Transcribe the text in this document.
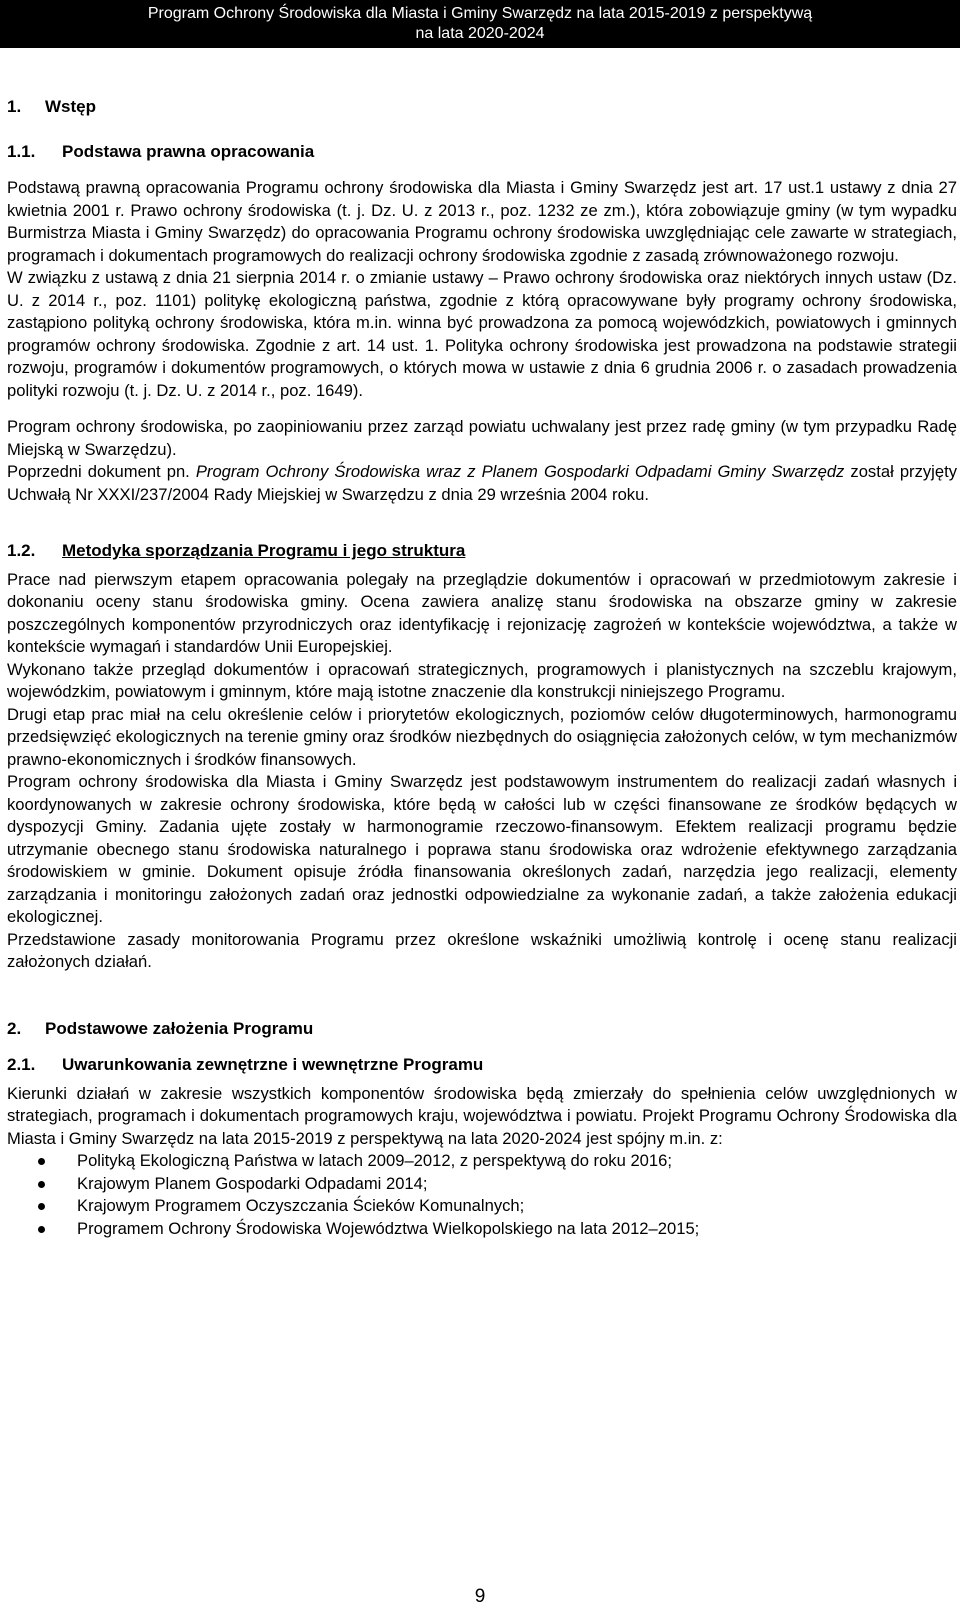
Program Ochrony Środowiska dla Miasta i Gminy Swarzędz na lata 2015-2019 z perspektywą
na lata 2020-2024
1. Wstęp
1.1. Podstawa prawna opracowania

Podstawą prawną opracowania Programu ochrony środowiska dla Miasta i Gminy Swarzędz jest art. 17 ust.1 ustawy z dnia 27 kwietnia 2001 r. Prawo ochrony środowiska (t. j. Dz. U. z 2013 r., poz. 1232 ze zm.), która zobowiązuje gminy (w tym wypadku Burmistrza Miasta i Gminy Swarzędz) do opracowania Programu ochrony środowiska uwzględniając cele zawarte w strategiach, programach i dokumentach programowych do realizacji ochrony środowiska zgodnie z zasadą zrównoważonego rozwoju.

W związku z ustawą z dnia 21 sierpnia 2014 r. o zmianie ustawy – Prawo ochrony środowiska oraz niektórych innych ustaw (Dz. U. z 2014 r., poz. 1101) politykę ekologiczną państwa, zgodnie z którą opracowywane były programy ochrony środowiska, zastąpiono polityką ochrony środowiska, która m.in. winna być prowadzona za pomocą wojewódzkich, powiatowych i gminnych programów ochrony środowiska. Zgodnie z art. 14 ust. 1. Polityka ochrony środowiska jest prowadzona na podstawie strategii rozwoju, programów i dokumentów programowych, o których mowa w ustawie z dnia 6 grudnia 2006 r. o zasadach prowadzenia polityki rozwoju (t. j. Dz. U. z 2014 r., poz. 1649).

Program ochrony środowiska, po zaopiniowaniu przez zarząd powiatu uchwalany jest przez radę gminy (w tym przypadku Radę Miejską w Swarzędzu).

Poprzedni dokument pn. Program Ochrony Środowiska wraz z Planem Gospodarki Odpadami Gminy Swarzędz został przyjęty Uchwałą Nr XXXI/237/2004 Rady Miejskiej w Swarzędzu z dnia 29 września 2004 roku.

1.2. Metodyka sporządzania Programu i jego struktura

Prace nad pierwszym etapem opracowania polegały na przeglądzie dokumentów i opracowań w przedmiotowym zakresie i dokonaniu oceny stanu środowiska gminy. Ocena zawiera analizę stanu środowiska na obszarze gminy w zakresie poszczególnych komponentów przyrodniczych oraz identyfikację i rejonizację zagrożeń w kontekście województwa, a także w kontekście wymagań i standardów Unii Europejskiej.

Wykonano także przegląd dokumentów i opracowań strategicznych, programowych i planistycznych na szczeblu krajowym, wojewódzkim, powiatowym i gminnym, które mają istotne znaczenie dla konstrukcji niniejszego Programu.

Drugi etap prac miał na celu określenie celów i priorytetów ekologicznych, poziomów celów długoterminowych, harmonogramu przedsięwzięć ekologicznych na terenie gminy oraz środków niezbędnych do osiągnięcia założonych celów, w tym mechanizmów prawno-ekonomicznych i środków finansowych.

Program ochrony środowiska dla Miasta i Gminy Swarzędz jest podstawowym instrumentem do realizacji zadań własnych i koordynowanych w zakresie ochrony środowiska, które będą w całości lub w części finansowane ze środków będących w dyspozycji Gminy. Zadania ujęte zostały w harmonogramie rzeczowo-finansowym. Efektem realizacji programu będzie utrzymanie obecnego stanu środowiska naturalnego i poprawa stanu środowiska oraz wdrożenie efektywnego zarządzania środowiskiem w gminie. Dokument opisuje źródła finansowania określonych zadań, narzędzia jego realizacji, elementy zarządzania i monitoringu założonych zadań oraz jednostki odpowiedzialne za wykonanie zadań, a także założenia edukacji ekologicznej.

Przedstawione zasady monitorowania Programu przez określone wskaźniki umożliwią kontrolę i ocenę stanu realizacji założonych działań.

2. Podstawowe założenia Programu
2.1. Uwarunkowania zewnętrzne i wewnętrzne Programu

Kierunki działań w zakresie wszystkich komponentów środowiska będą zmierzały do spełnienia celów uwzględnionych w strategiach, programach i dokumentach programowych kraju, województwa i powiatu. Projekt Programu Ochrony Środowiska dla Miasta i Gminy Swarzędz na lata 2015-2019 z perspektywą na lata 2020-2024 jest spójny m.in. z:

Polityką Ekologiczną Państwa w latach 2009–2012, z perspektywą do roku 2016;
Krajowym Planem Gospodarki Odpadami 2014;
Krajowym Programem Oczyszczania Ścieków Komunalnych;
Programem Ochrony Środowiska Województwa Wielkopolskiego na lata 2012–2015;
9
